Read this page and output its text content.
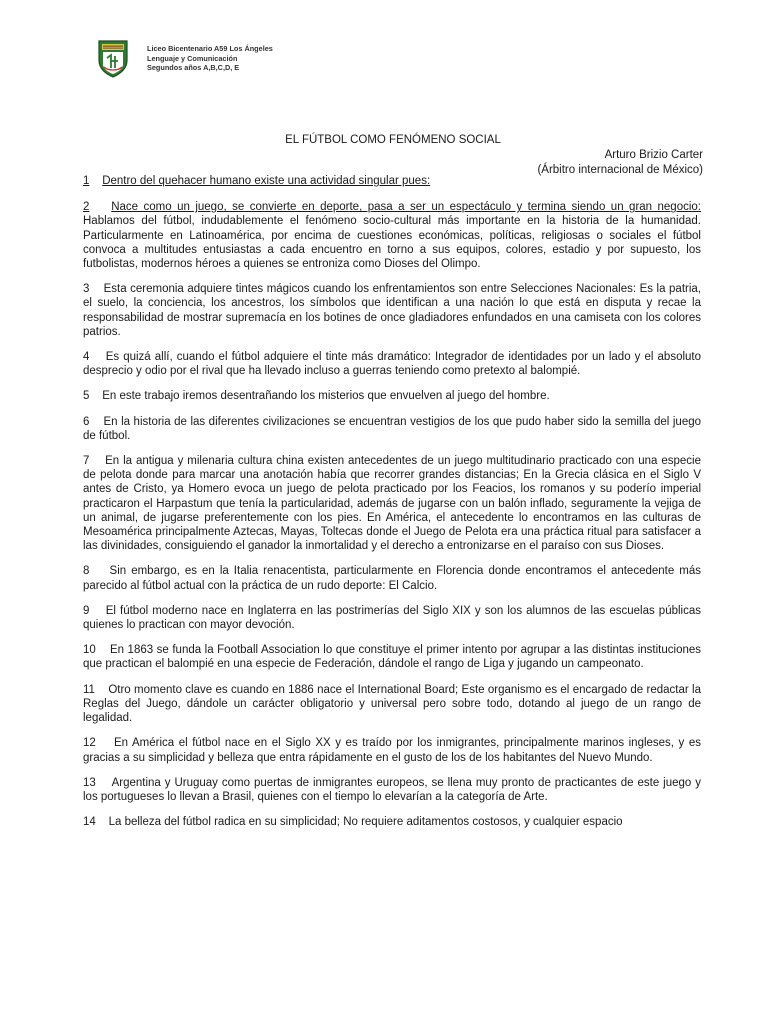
Liceo Bicentenario A59 Los Ángeles
Lenguaje y Comunicación
Segundos años A,B,C,D, E
EL FÚTBOL COMO FENÓMENO SOCIAL
Arturo Brizio Carter
(Árbitro internacional de México)

1 Dentro del quehacer humano existe una actividad singular pues:

2 Nace como un juego, se convierte en deporte, pasa a ser un espectáculo y termina siendo un gran negocio: Hablamos del fútbol, indudablemente el fenómeno socio-cultural más importante en la historia de la humanidad. Particularmente en Latinoamérica, por encima de cuestiones económicas, políticas, religiosas o sociales el fútbol convoca a multitudes entusiastas a cada encuentro en torno a sus equipos, colores, estadio y por supuesto, los futbolistas, modernos héroes a quienes se entroniza como Dioses del Olimpo.

3 Esta ceremonia adquiere tintes mágicos cuando los enfrentamientos son entre Selecciones Nacionales: Es la patria, el suelo, la conciencia, los ancestros, los símbolos que identifican a una nación lo que está en disputa y recae la responsabilidad de mostrar supremacía en los botines de once gladiadores enfundados en una camiseta con los colores patrios.

4 Es quizá allí, cuando el fútbol adquiere el tinte más dramático: Integrador de identidades por un lado y el absoluto desprecio y odio por el rival que ha llevado incluso a guerras teniendo como pretexto al balompié.

5 En este trabajo iremos desentrañando los misterios que envuelven al juego del hombre.

6 En la historia de las diferentes civilizaciones se encuentran vestigios de los que pudo haber sido la semilla del juego de fútbol.

7 En la antigua y milenaria cultura china existen antecedentes de un juego multitudinario practicado con una especie de pelota donde para marcar una anotación había que recorrer grandes distancias; En la Grecia clásica en el Siglo V antes de Cristo, ya Homero evoca un juego de pelota practicado por los Feacios, los romanos y su poderío imperial practicaron el Harpastum que tenía la particularidad, además de jugarse con un balón inflado, seguramente la vejiga de un animal, de jugarse preferentemente con los pies. En América, el antecedente lo encontramos en las culturas de Mesoamérica principalmente Aztecas, Mayas, Toltecas donde el Juego de Pelota era una práctica ritual para satisfacer a las divinidades, consiguiendo el ganador la inmortalidad y el derecho a entronizarse en el paraíso con sus Dioses.

8 Sin embargo, es en la Italia renacentista, particularmente en Florencia donde encontramos el antecedente más parecido al fútbol actual con la práctica de un rudo deporte: El Calcio.

9 El fútbol moderno nace en Inglaterra en las postrimerías del Siglo XIX y son los alumnos de las escuelas públicas quienes lo practican con mayor devoción.

10 En 1863 se funda la Football Association lo que constituye el primer intento por agrupar a las distintas instituciones que practican el balompié en una especie de Federación, dándole el rango de Liga y jugando un campeonato.

11 Otro momento clave es cuando en 1886 nace el International Board; Este organismo es el encargado de redactar la Reglas del Juego, dándole un carácter obligatorio y universal pero sobre todo, dotando al juego de un rango de legalidad.

12 En América el fútbol nace en el Siglo XX y es traído por los inmigrantes, principalmente marinos ingleses, y es gracias a su simplicidad y belleza que entra rápidamente en el gusto de los de los habitantes del Nuevo Mundo.

13 Argentina y Uruguay como puertas de inmigrantes europeos, se llena muy pronto de practicantes de este juego y los portugueses lo llevan a Brasil, quienes con el tiempo lo elevarían a la categoría de Arte.

14 La belleza del fútbol radica en su simplicidad; No requiere aditamentos costosos, y cualquier espacio
